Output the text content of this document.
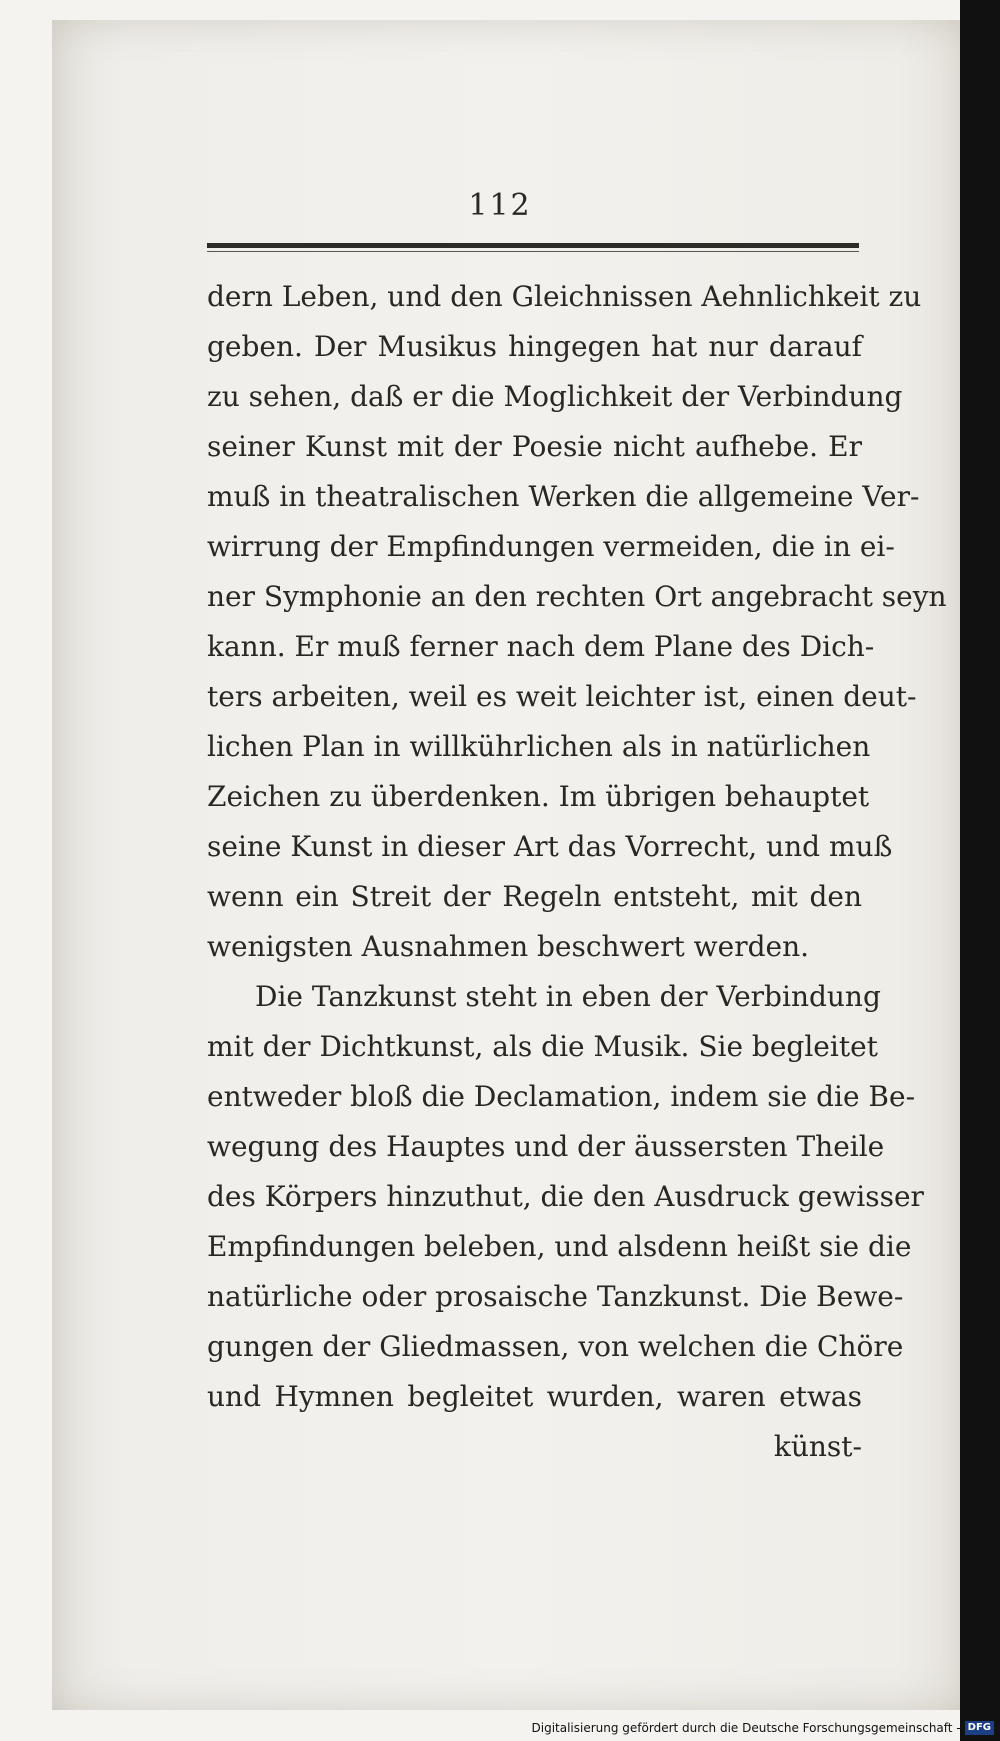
112
dern Leben, und den Gleichnissen Aehnlichkeit zu
geben. Der Musikus hingegen hat nur darauf
zu sehen, daß er die Moglichkeit der Verbindung
seiner Kunst mit der Poesie nicht aufhebe. Er
muß in theatralischen Werken die allgemeine Ver-
wirrung der Empfindungen vermeiden, die in ei-
ner Symphonie an den rechten Ort angebracht seyn
kann. Er muß ferner nach dem Plane des Dich-
ters arbeiten, weil es weit leichter ist, einen deut-
lichen Plan in willkührlichen als in natürlichen
Zeichen zu überdenken. Im übrigen behauptet
seine Kunst in dieser Art das Vorrecht, und muß
wenn ein Streit der Regeln entsteht, mit den
wenigsten Ausnahmen beschwert werden.
Die Tanzkunst steht in eben der Verbindung
mit der Dichtkunst, als die Musik. Sie begleitet
entweder bloß die Declamation, indem sie die Be-
wegung des Hauptes und der äussersten Theile
des Körpers hinzuthut, die den Ausdruck gewisser
Empfindungen beleben, und alsdenn heißt sie die
natürliche oder prosaische Tanzkunst. Die Bewe-
gungen der Gliedmassen, von welchen die Chöre
und Hymnen begleitet wurden, waren etwas
künst-
Digitalisierung gefördert durch die Deutsche Forschungsgemeinschaft - DFG
